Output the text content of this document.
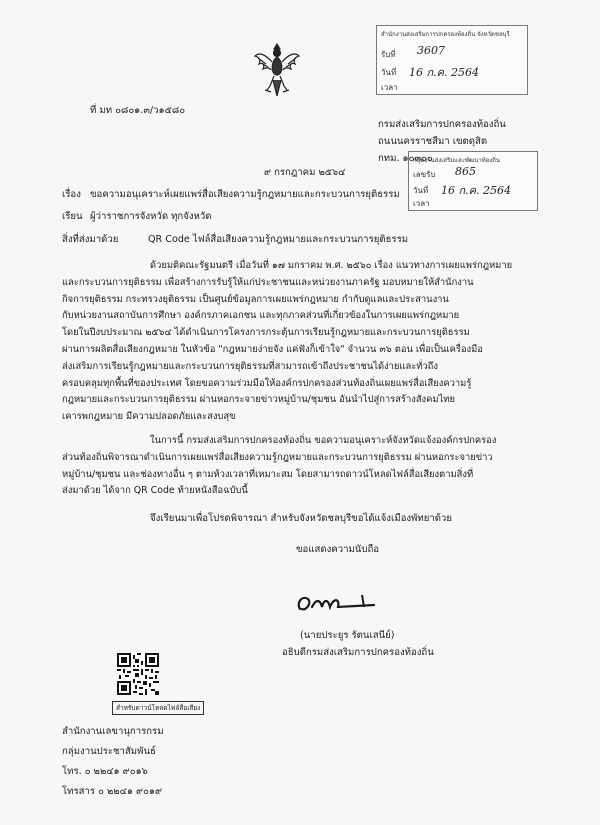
สำนักงานส่งเสริมการปกครองท้องถิ่น จังหวัดชลบุรี
รับที่ 3607
วันที่ 16 ก.ค. 2564
เวลา
กลุ่มงานส่งเสริมและพัฒนาท้องถิ่น
เลขรับ 865
วันที่ 16 ก.ค. 2564
เวลา
ที่ มท ๐๘๐๑.๓/ว๑๕๘๐
กรมส่งเสริมการปกครองท้องถิ่น
ถนนนครราชสีมา เขตดุสิต
กทม. ๑๐๓๐๐
๙ กรกฎาคม ๒๕๖๔
เรื่อง ขอความอนุเคราะห์เผยแพร่สื่อเสียงความรู้กฎหมายและกระบวนการยุติธรรม
เรียน ผู้ว่าราชการจังหวัด ทุกจังหวัด
สิ่งที่ส่งมาด้วย	QR Code ไฟล์สื่อเสียงความรู้กฎหมายและกระบวนการยุติธรรม
ด้วยมติคณะรัฐมนตรี เมื่อวันที่ ๑๗ มกราคม พ.ศ. ๒๕๖๐ เรื่อง แนวทางการเผยแพร่กฎหมาย
และกระบวนการยุติธรรม เพื่อสร้างการรับรู้ให้แก่ประชาชนและหน่วยงานภาครัฐ มอบหมายให้สำนักงาน
กิจการยุติธรรม กระทรวงยุติธรรม เป็นศูนย์ข้อมูลการเผยแพร่กฎหมาย กำกับดูแลและประสานงาน
กับหน่วยงานสถาบันการศึกษา องค์กรภาคเอกชน และทุกภาคส่วนที่เกี่ยวข้องในการเผยแพร่กฎหมาย
โดยในปีงบประมาณ ๒๕๖๔ ได้ดำเนินการโครงการกระตุ้นการเรียนรู้กฎหมายและกระบวนการยุติธรรม
ผ่านการผลิตสื่อเสียงกฎหมาย ในหัวข้อ "กฎหมายง่ายจัง แค่ฟังก็เข้าใจ" จำนวน ๓๖ ตอน เพื่อเป็นเครื่องมือ
ส่งเสริมการเรียนรู้กฎหมายและกระบวนการยุติธรรมที่สามารถเข้าถึงประชาชนได้ง่ายและทั่วถึง
ครอบคลุมทุกพื้นที่ของประเทศ โดยขอความร่วมมือให้องค์กรปกครองส่วนท้องถิ่นเผยแพร่สื่อเสียงความรู้
กฎหมายและกระบวนการยุติธรรม ผ่านหอกระจายข่าวหมู่บ้าน/ชุมชน อันนำไปสู่การสร้างสังคมไทย
เคารพกฎหมาย มีความปลอดภัยและสงบสุข
ในการนี้ กรมส่งเสริมการปกครองท้องถิ่น ขอความอนุเคราะห์จังหวัดแจ้งองค์กรปกครอง
ส่วนท้องถิ่นพิจารณาดำเนินการเผยแพร่สื่อเสียงความรู้กฎหมายและกระบวนการยุติธรรม ผ่านหอกระจายข่าว
หมู่บ้าน/ชุมชน และช่องทางอื่น ๆ ตามห้วงเวลาที่เหมาะสม โดยสามารถดาวน์โหลดไฟล์สื่อเสียงตามสิ่งที่
ส่งมาด้วย ได้จาก QR Code ท้ายหนังสือฉบับนี้
จึงเรียนมาเพื่อโปรดพิจารณา สำหรับจังหวัดชลบุรีขอได้แจ้งเมืองพัทยาด้วย
ขอแสดงความนับถือ
(นายประยูร รัตนเสนีย์)
อธิบดีกรมส่งเสริมการปกครองท้องถิ่น
สำหรับดาวน์โหลดไฟล์สื่อเสียง
สำนักงานเลขานุการกรม
กลุ่มงานประชาสัมพันธ์
โทร. ๐ ๒๒๔๑ ๙๐๑๖
โทรสาร ๐ ๒๒๔๑ ๙๐๑๙
